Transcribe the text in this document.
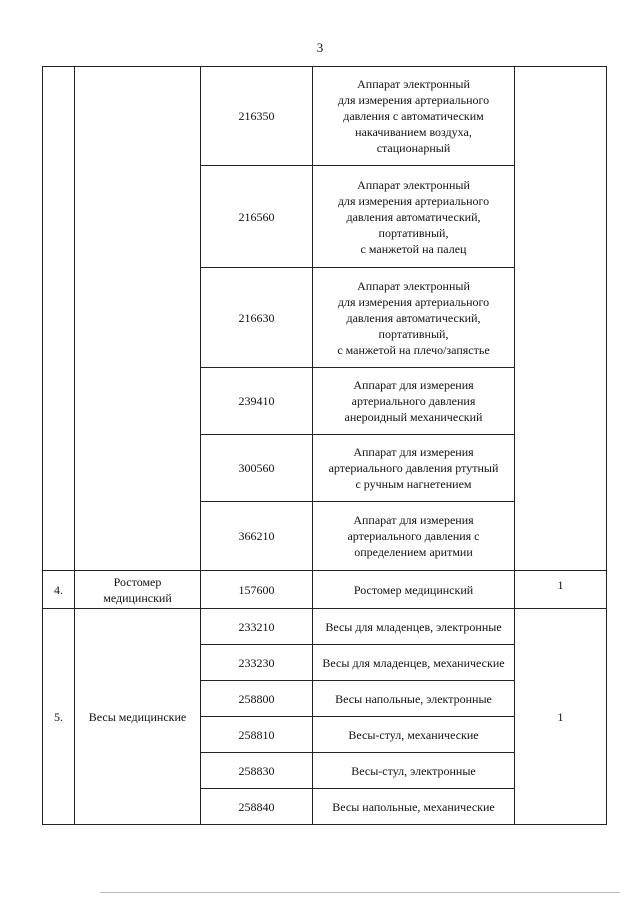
3
		216350	Аппарат электронный
для измерения артериального
давления с автоматическим
накачиванием воздуха,
стационарный	
		216560	Аппарат электронный
для измерения артериального
давления автоматический,
портативный,
с манжетой на палец	
		216630	Аппарат электронный
для измерения артериального
давления автоматический,
портативный,
с манжетой на плечо/запястье	
		239410	Аппарат для измерения
артериального давления
анероидный механический	
		300560	Аппарат для измерения
артериального давления ртутный
с ручным нагнетением	
		366210	Аппарат для измерения
артериального давления с
определением аритмии	
4.	Ростомер
медицинский	157600	Ростомер медицинский	1
5.	Весы медицинские	233210	Весы для младенцев, электронные	1
		233230	Весы для младенцев, механические	
		258800	Весы напольные, электронные	
		258810	Весы-стул, механические	
		258830	Весы-стул, электронные	
		258840	Весы напольные, механические	
